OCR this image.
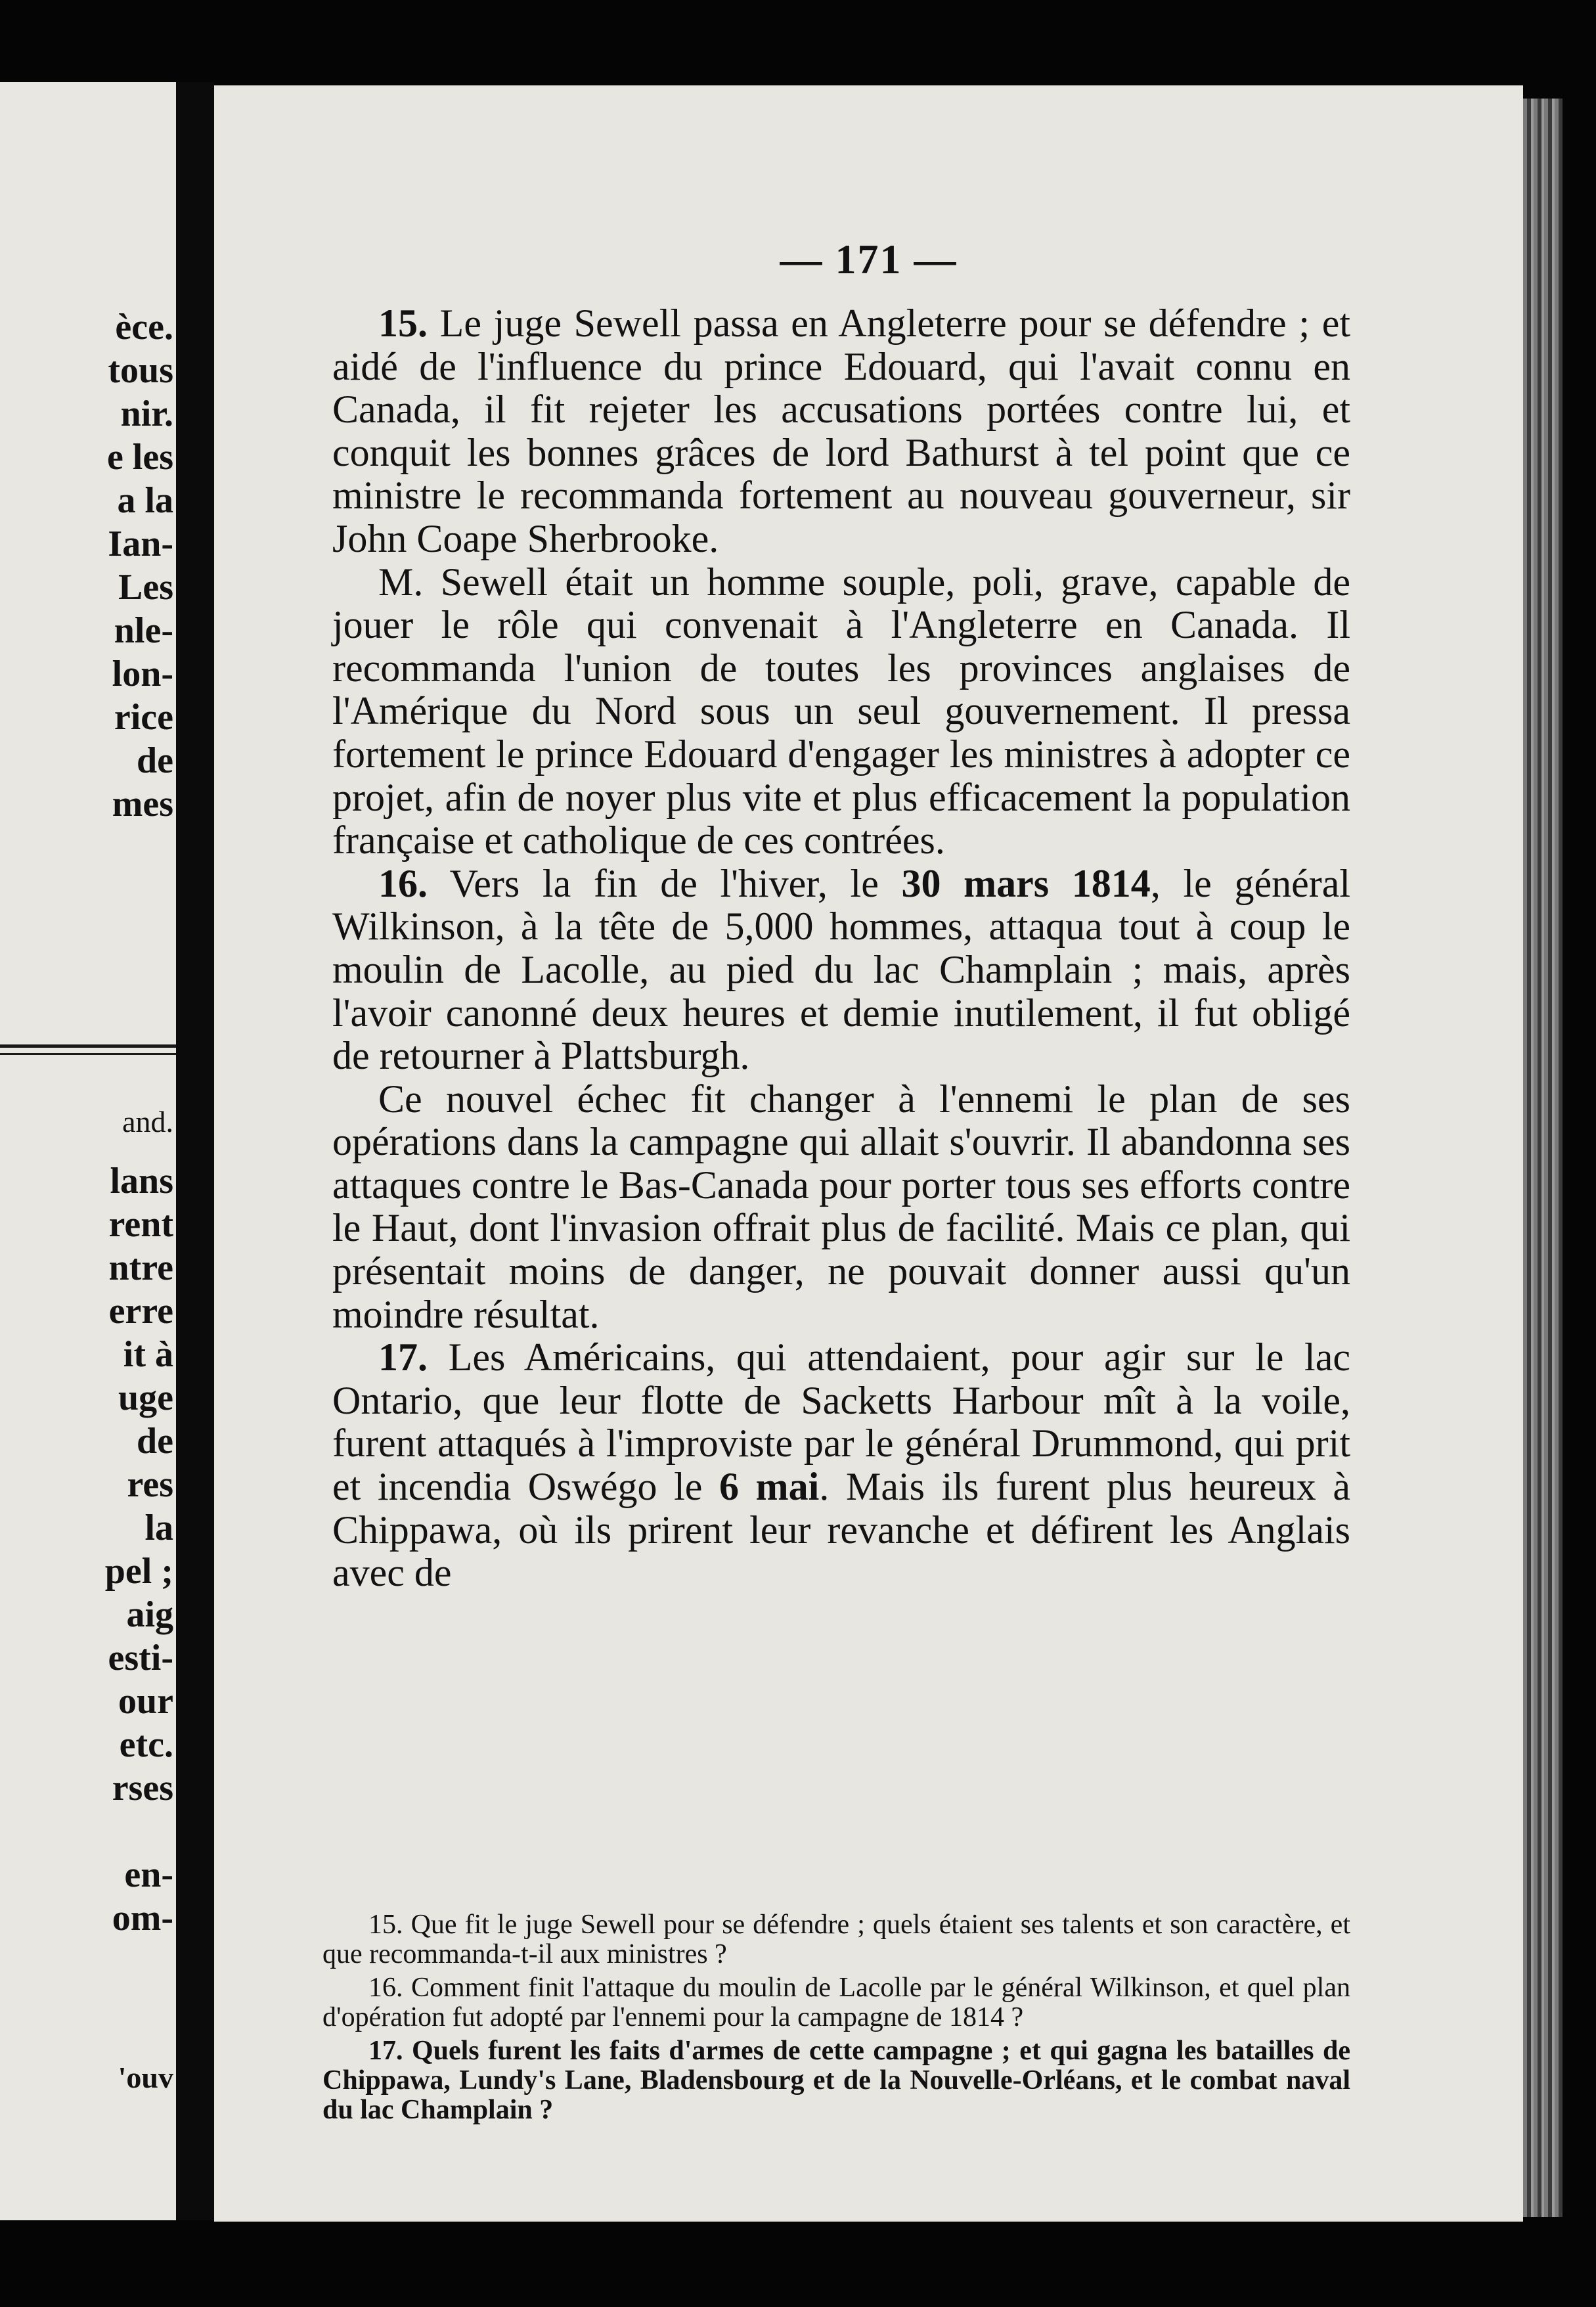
èce.
tous
nir.
e les
a la
Ian-
Les
nle-
lon-
rice
de
mes
and.
lans
rent
ntre
erre
it à
uge
de
res
la
pel ;
aig
esti-
our
etc.
rses

en-
om-
'ouv
— 171 —

15. Le juge Sewell passa en Angleterre pour se défendre ; et aidé de l'influence du prince Edouard, qui l'avait connu en Canada, il fit rejeter les accusations portées contre lui, et conquit les bonnes grâces de lord Bathurst à tel point que ce ministre le recommanda fortement au nouveau gouverneur, sir John Coape Sherbrooke.

M. Sewell était un homme souple, poli, grave, capable de jouer le rôle qui convenait à l'Angleterre en Canada. Il recommanda l'union de toutes les provinces anglaises de l'Amérique du Nord sous un seul gouvernement. Il pressa fortement le prince Edouard d'engager les ministres à adopter ce projet, afin de noyer plus vite et plus efficacement la population française et catholique de ces contrées.

16. Vers la fin de l'hiver, le 30 mars 1814, le général Wilkinson, à la tête de 5,000 hommes, attaqua tout à coup le moulin de Lacolle, au pied du lac Champlain ; mais, après l'avoir canonné deux heures et demie inutilement, il fut obligé de retourner à Plattsburgh.

Ce nouvel échec fit changer à l'ennemi le plan de ses opérations dans la campagne qui allait s'ouvrir. Il abandonna ses attaques contre le Bas-Canada pour porter tous ses efforts contre le Haut, dont l'invasion offrait plus de facilité. Mais ce plan, qui présentait moins de danger, ne pouvait donner aussi qu'un moindre résultat.

17. Les Américains, qui attendaient, pour agir sur le lac Ontario, que leur flotte de Sacketts Harbour mît à la voile, furent attaqués à l'improviste par le général Drummond, qui prit et incendia Oswégo le 6 mai. Mais ils furent plus heureux à Chippawa, où ils prirent leur revanche et défirent les Anglais avec de

15. Que fit le juge Sewell pour se défendre ; quels étaient ses talents et son caractère, et que recommanda-t-il aux ministres ?

16. Comment finit l'attaque du moulin de Lacolle par le général Wilkinson, et quel plan d'opération fut adopté par l'ennemi pour la campagne de 1814 ?

17. Quels furent les faits d'armes de cette campagne ; et qui gagna les batailles de Chippawa, Lundy's Lane, Bladensbourg et de la Nouvelle-Orléans, et le combat naval du lac Champlain ?
